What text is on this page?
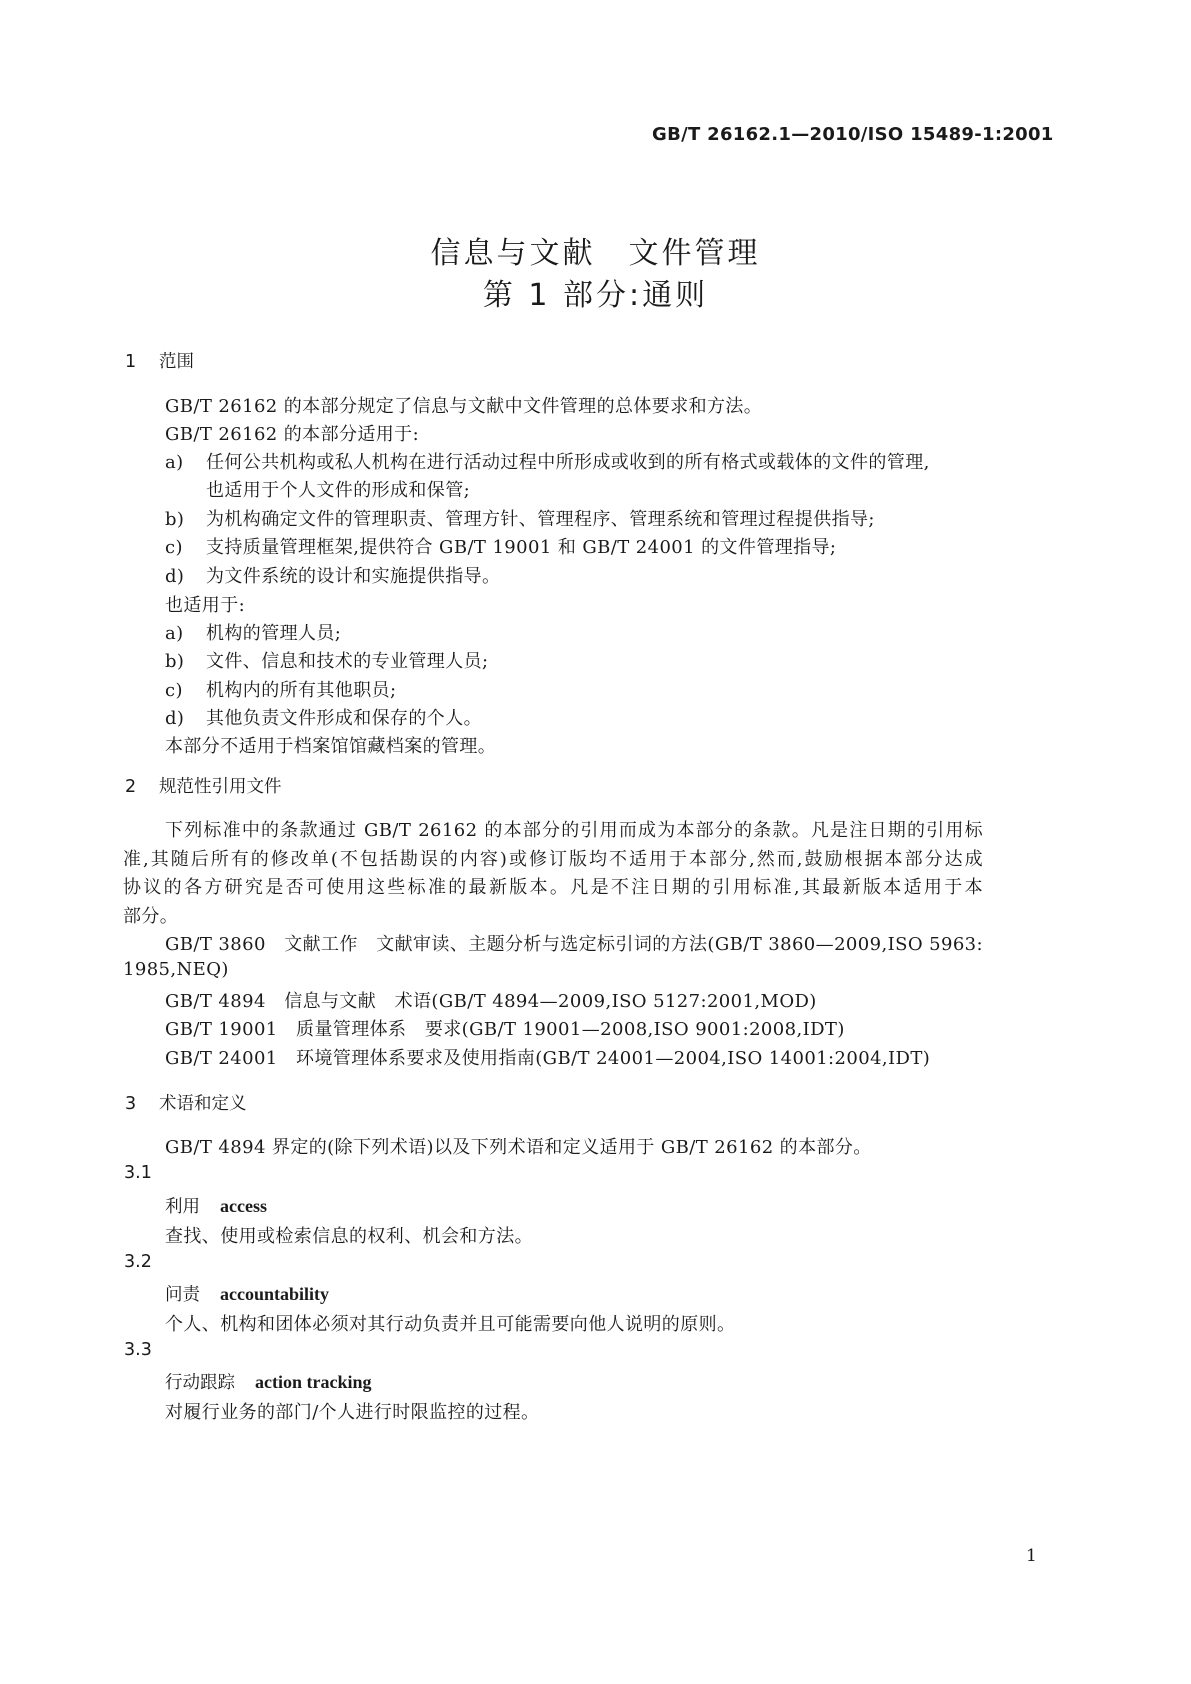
GB/T 26162.1—2010/ISO 15489-1:2001
信息与文献　文件管理
第 1 部分:通则
1 范围
GB/T 26162 的本部分规定了信息与文献中文件管理的总体要求和方法。
GB/T 26162 的本部分适用于:
a) 任何公共机构或私人机构在进行活动过程中所形成或收到的所有格式或载体的文件的管理,
也适用于个人文件的形成和保管;
b) 为机构确定文件的管理职责、管理方针、管理程序、管理系统和管理过程提供指导;
c) 支持质量管理框架,提供符合 GB/T 19001 和 GB/T 24001 的文件管理指导;
d) 为文件系统的设计和实施提供指导。
也适用于:
a) 机构的管理人员;
b) 文件、信息和技术的专业管理人员;
c) 机构内的所有其他职员;
d) 其他负责文件形成和保存的个人。
本部分不适用于档案馆馆藏档案的管理。
2 规范性引用文件
下列标准中的条款通过 GB/T 26162 的本部分的引用而成为本部分的条款。凡是注日期的引用标
准,其随后所有的修改单(不包括勘误的内容)或修订版均不适用于本部分,然而,鼓励根据本部分达成
协议的各方研究是否可使用这些标准的最新版本。凡是不注日期的引用标准,其最新版本适用于本
部分。
GB/T 3860　文献工作　文献审读、主题分析与选定标引词的方法(GB/T 3860—2009,ISO 5963:
1985,NEQ)
GB/T 4894　信息与文献　术语(GB/T 4894—2009,ISO 5127:2001,MOD)
GB/T 19001　质量管理体系　要求(GB/T 19001—2008,ISO 9001:2008,IDT)
GB/T 24001　环境管理体系要求及使用指南(GB/T 24001—2004,ISO 14001:2004,IDT)
3 术语和定义
GB/T 4894 界定的(除下列术语)以及下列术语和定义适用于 GB/T 26162 的本部分。
3.1
利用 access
查找、使用或检索信息的权利、机会和方法。
3.2
问责 accountability
个人、机构和团体必须对其行动负责并且可能需要向他人说明的原则。
3.3
行动跟踪 action tracking
对履行业务的部门/个人进行时限监控的过程。
1
